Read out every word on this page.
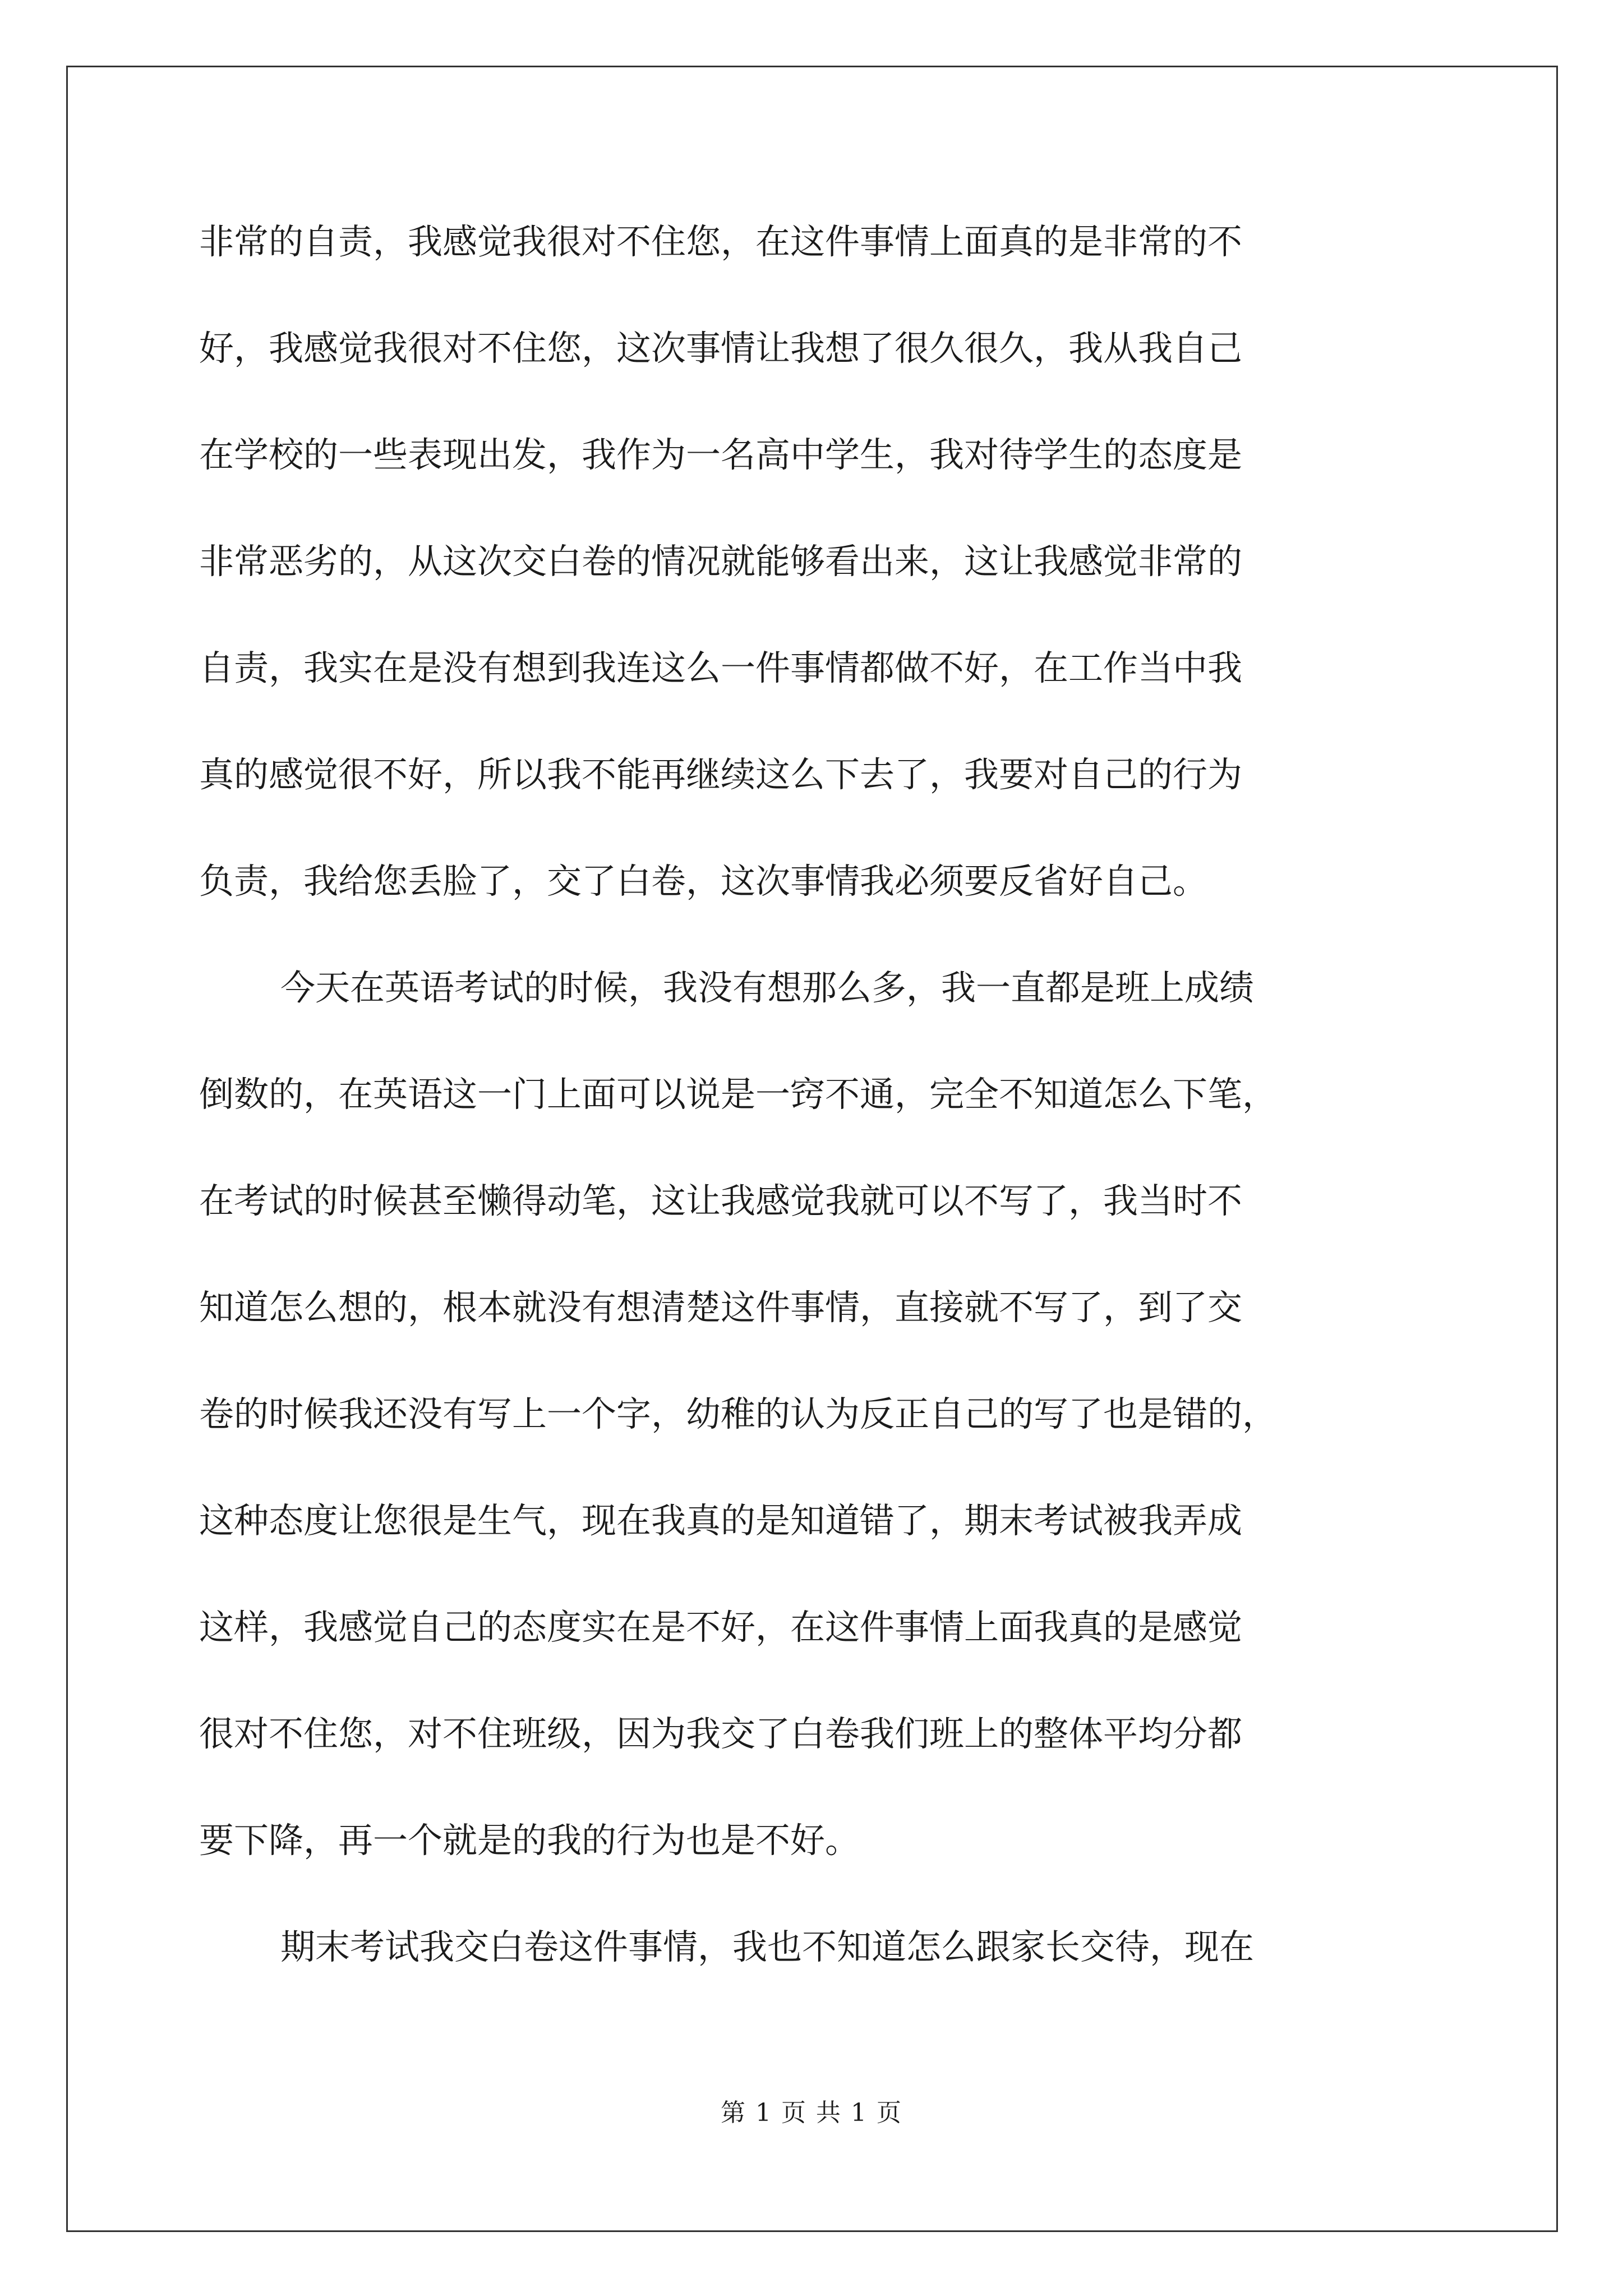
非常的自责，我感觉我很对不住您，在这件事情上面真的是非常的不
好，我感觉我很对不住您，这次事情让我想了很久很久，我从我自己
在学校的一些表现出发，我作为一名高中学生，我对待学生的态度是
非常恶劣的，从这次交白卷的情况就能够看出来，这让我感觉非常的
自责，我实在是没有想到我连这么一件事情都做不好，在工作当中我
真的感觉很不好，所以我不能再继续这么下去了，我要对自己的行为
负责，我给您丢脸了，交了白卷，这次事情我必须要反省好自己。
今天在英语考试的时候，我没有想那么多，我一直都是班上成绩
倒数的，在英语这一门上面可以说是一窍不通，完全不知道怎么下笔，
在考试的时候甚至懒得动笔，这让我感觉我就可以不写了，我当时不
知道怎么想的，根本就没有想清楚这件事情，直接就不写了，到了交
卷的时候我还没有写上一个字，幼稚的认为反正自己的写了也是错的，
这种态度让您很是生气，现在我真的是知道错了，期末考试被我弄成
这样，我感觉自己的态度实在是不好，在这件事情上面我真的是感觉
很对不住您，对不住班级，因为我交了白卷我们班上的整体平均分都
要下降，再一个就是的我的行为也是不好。
期末考试我交白卷这件事情，我也不知道怎么跟家长交待，现在
第 1 页 共 1 页
